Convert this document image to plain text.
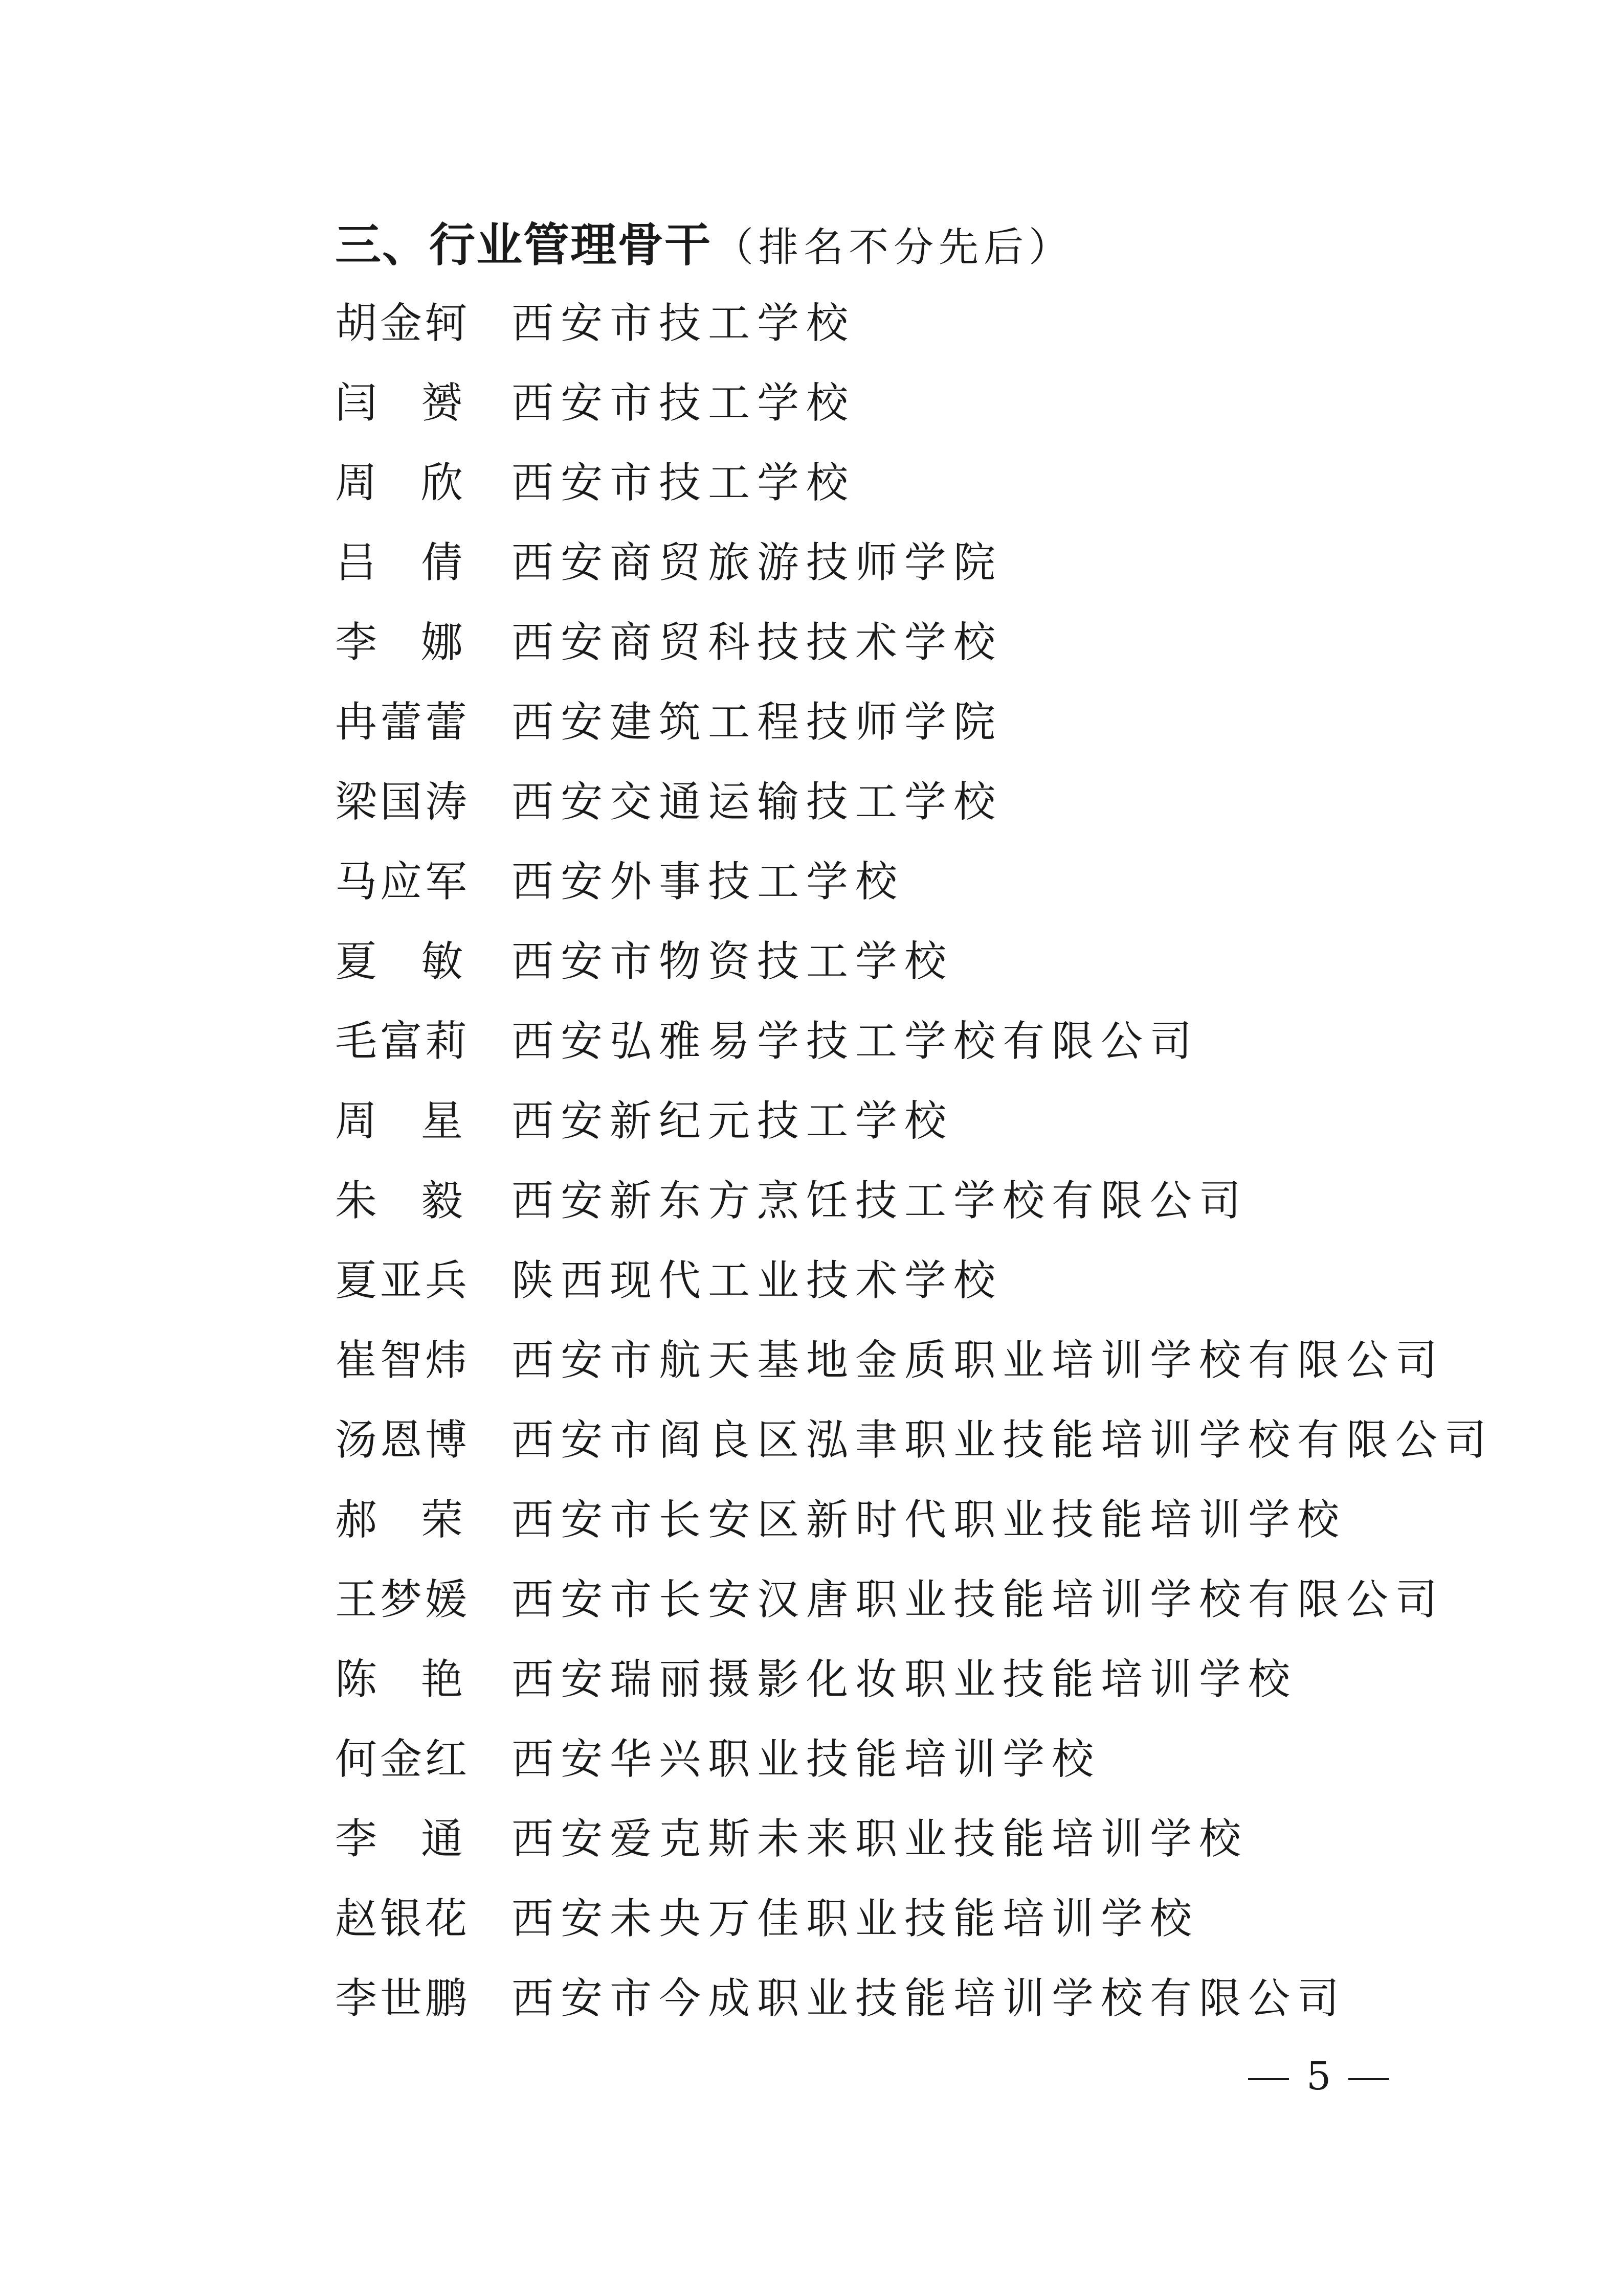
三、行业管理骨干（排名不分先后）
胡金轲 西安市技工学校
闫 赟 西安市技工学校
周 欣 西安市技工学校
吕 倩 西安商贸旅游技师学院
李 娜 西安商贸科技技术学校
冉蕾蕾 西安建筑工程技师学院
梁国涛 西安交通运输技工学校
马应军 西安外事技工学校
夏 敏 西安市物资技工学校
毛富莉 西安弘雅易学技工学校有限公司
周 星 西安新纪元技工学校
朱 毅 西安新东方烹饪技工学校有限公司
夏亚兵 陕西现代工业技术学校
崔智炜 西安市航天基地金质职业培训学校有限公司
汤恩博 西安市阎良区泓聿职业技能培训学校有限公司
郝 荣 西安市长安区新时代职业技能培训学校
王梦媛 西安市长安汉唐职业技能培训学校有限公司
陈 艳 西安瑞丽摄影化妆职业技能培训学校
何金红 西安华兴职业技能培训学校
李 通 西安爱克斯未来职业技能培训学校
赵银花 西安未央万佳职业技能培训学校
李世鹏 西安市今成职业技能培训学校有限公司
5
